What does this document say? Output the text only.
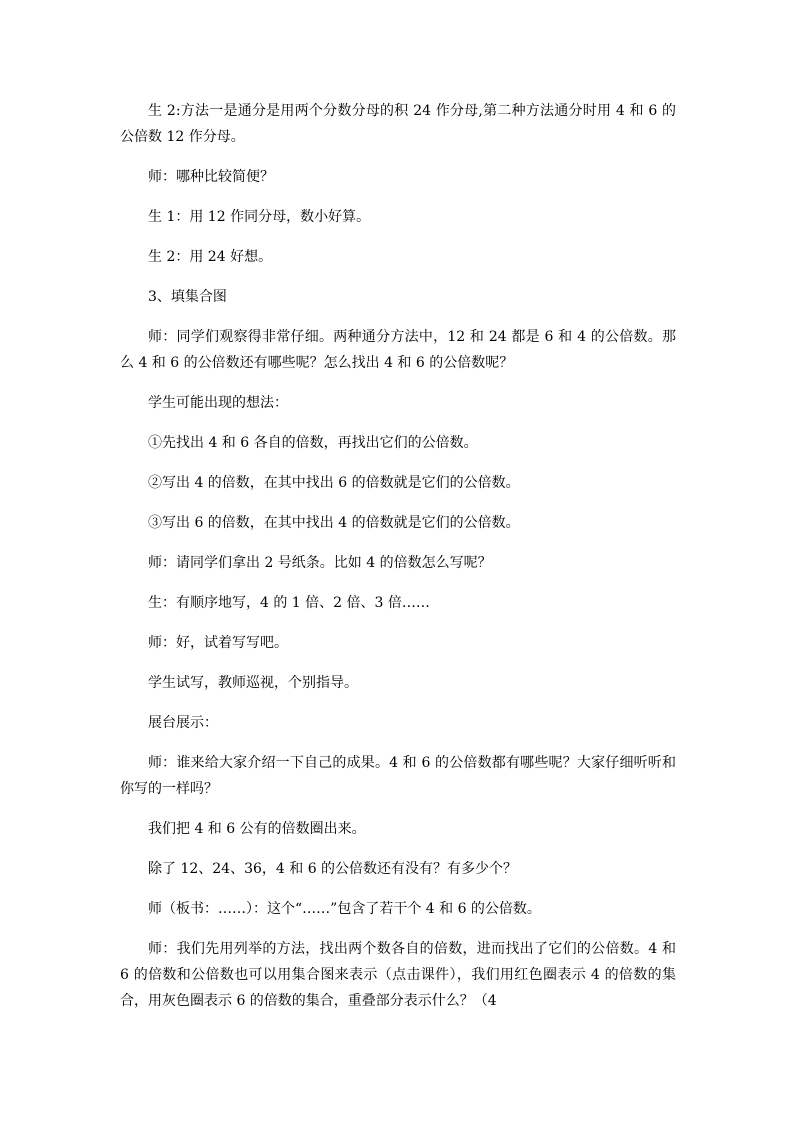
生 2:方法一是通分是用两个分数分母的积 24 作分母,第二种方法通分时用 4 和 6 的公倍数 12 作分母。

师：哪种比较简便？

生 1：用 12 作同分母，数小好算。

生 2：用 24 好想。

3、填集合图

师：同学们观察得非常仔细。两种通分方法中，12 和 24 都是 6 和 4 的公倍数。那么 4 和 6 的公倍数还有哪些呢？怎么找出 4 和 6 的公倍数呢？

学生可能出现的想法：

①先找出 4 和 6 各自的倍数，再找出它们的公倍数。

②写出 4 的倍数，在其中找出 6 的倍数就是它们的公倍数。

③写出 6 的倍数，在其中找出 4 的倍数就是它们的公倍数。

师：请同学们拿出 2 号纸条。比如 4 的倍数怎么写呢？

生：有顺序地写，4 的 1 倍、2 倍、3 倍……

师：好，试着写写吧。

学生试写，教师巡视，个别指导。

展台展示：

师：谁来给大家介绍一下自己的成果。4 和 6 的公倍数都有哪些呢？大家仔细听听和你写的一样吗？

我们把 4 和 6 公有的倍数圈出来。

除了 12、24、36，4 和 6 的公倍数还有没有？有多少个？

师（板书：……）：这个“……”包含了若干个 4 和 6 的公倍数。

师：我们先用列举的方法，找出两个数各自的倍数，进而找出了它们的公倍数。4 和 6 的倍数和公倍数也可以用集合图来表示（点击课件），我们用红色圈表示 4 的倍数的集合，用灰色圈表示 6 的倍数的集合，重叠部分表示什么？（4
